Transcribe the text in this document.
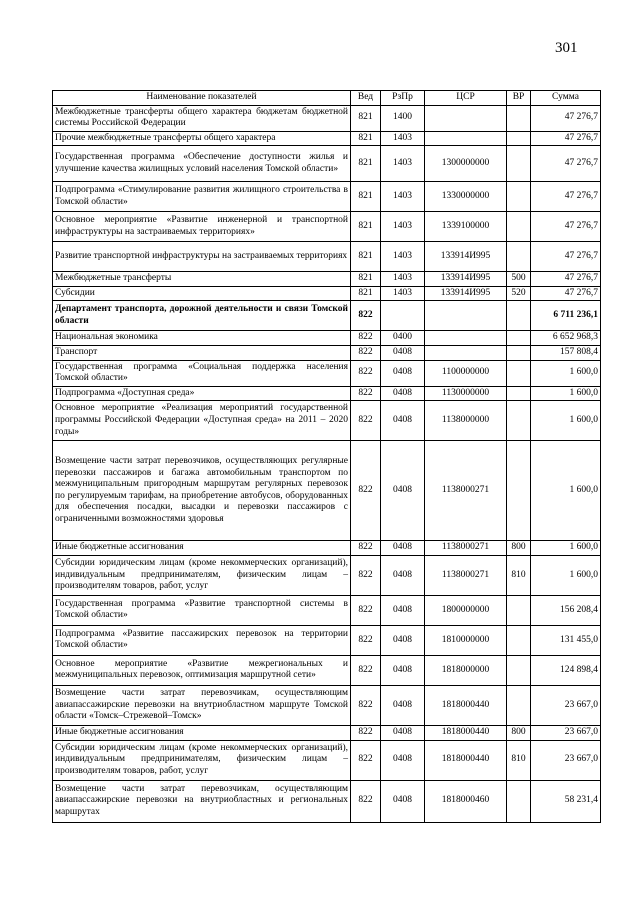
301
Наименование показателей	Вед	РзПр	ЦСР	ВР	Сумма
Межбюджетные трансферты общего характера бюджетам бюджетной системы Российской Федерации	821	1400			47 276,7
Прочие межбюджетные трансферты общего характера	821	1403			47 276,7
Государственная программа «Обеспечение доступности жилья и улучшение качества жилищных условий населения Томской области»	821	1403	1300000000		47 276,7
Подпрограмма «Стимулирование развития жилищного строительства в Томской области»	821	1403	1330000000		47 276,7
Основное мероприятие «Развитие инженерной и транспортной инфраструктуры на застраиваемых территориях»	821	1403	1339100000		47 276,7
Развитие транспортной инфраструктуры на застраиваемых территориях	821	1403	133914И995		47 276,7
Межбюджетные трансферты	821	1403	133914И995	500	47 276,7
Субсидии	821	1403	133914И995	520	47 276,7
Департамент транспорта, дорожной деятельности и связи Томской области	822				6 711 236,1
Национальная экономика	822	0400			6 652 968,3
Транспорт	822	0408			157 808,4
Государственная программа «Социальная поддержка населения Томской области»	822	0408	1100000000		1 600,0
Подпрограмма «Доступная среда»	822	0408	1130000000		1 600,0
Основное мероприятие «Реализация мероприятий государственной программы Российской Федерации «Доступная среда» на 2011 – 2020 годы»	822	0408	1138000000		1 600,0
Возмещение части затрат перевозчиков, осуществляющих регулярные перевозки пассажиров и багажа автомобильным транспортом по межмуниципальным пригородным маршрутам регулярных перевозок по регулируемым тарифам, на приобретение автобусов, оборудованных для обеспечения посадки, высадки и перевозки пассажиров с ограниченными возможностями здоровья	822	0408	1138000271		1 600,0
Иные бюджетные ассигнования	822	0408	1138000271	800	1 600,0
Субсидии юридическим лицам (кроме некоммерческих организаций), индивидуальным предпринимателям, физическим лицам – производителям товаров, работ, услуг	822	0408	1138000271	810	1 600,0
Государственная программа «Развитие транспортной системы в Томской области»	822	0408	1800000000		156 208,4
Подпрограмма «Развитие пассажирских перевозок на территории Томской области»	822	0408	1810000000		131 455,0
Основное мероприятие «Развитие межрегиональных и межмуниципальных перевозок, оптимизация маршрутной сети»	822	0408	1818000000		124 898,4
Возмещение части затрат перевозчикам, осуществляющим авиапассажирские перевозки на внутриобластном маршруте Томской области «Томск–Стрежевой–Томск»	822	0408	1818000440		23 667,0
Иные бюджетные ассигнования	822	0408	1818000440	800	23 667,0
Субсидии юридическим лицам (кроме некоммерческих организаций), индивидуальным предпринимателям, физическим лицам – производителям товаров, работ, услуг	822	0408	1818000440	810	23 667,0
Возмещение части затрат перевозчикам, осуществляющим авиапассажирские перевозки на внутриобластных и региональных маршрутах	822	0408	1818000460		58 231,4
